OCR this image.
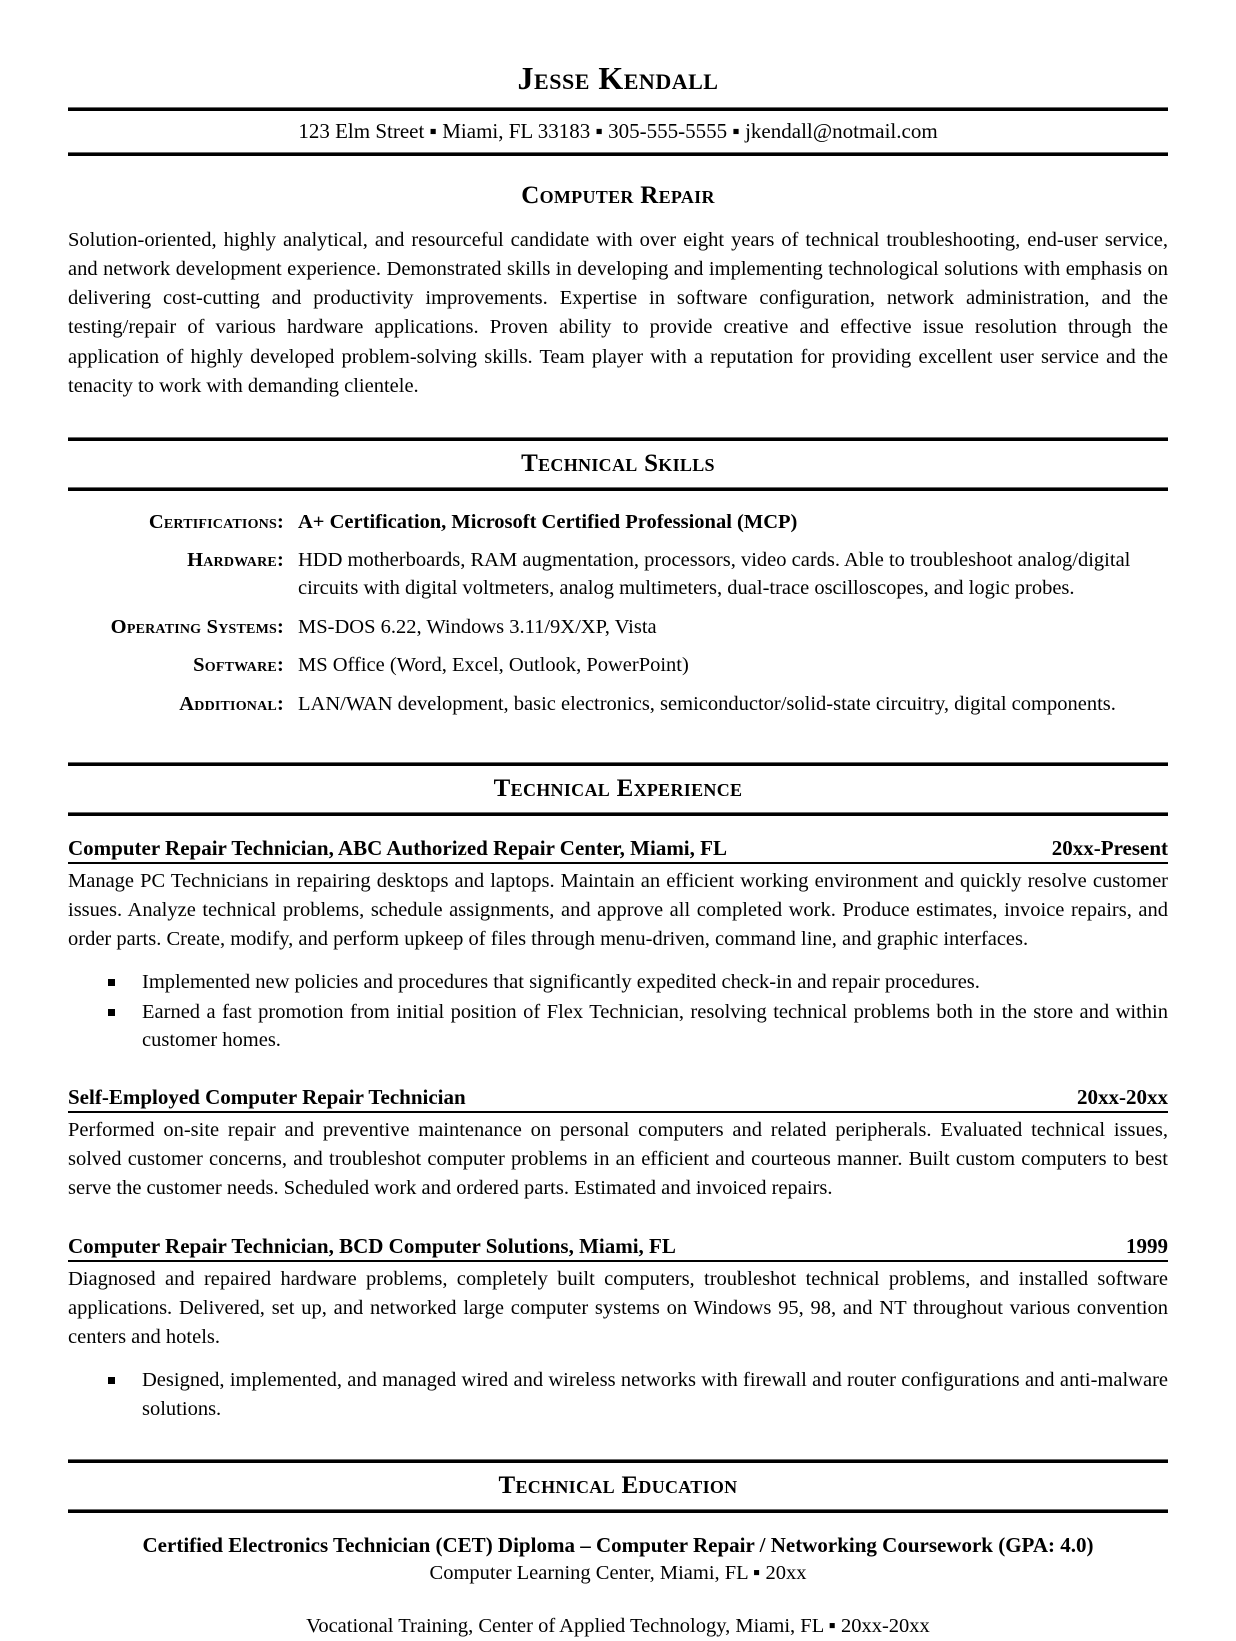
Jesse Kendall
123 Elm Street ▪ Miami, FL 33183 ▪ 305-555-5555 ▪ jkendall@notmail.com
Computer Repair

Solution-oriented, highly analytical, and resourceful candidate with over eight years of technical troubleshooting, end-user service, and network development experience. Demonstrated skills in developing and implementing technological solutions with emphasis on delivering cost-cutting and productivity improvements. Expertise in software configuration, network administration, and the testing/repair of various hardware applications. Proven ability to provide creative and effective issue resolution through the application of highly developed problem-solving skills. Team player with a reputation for providing excellent user service and the tenacity to work with demanding clientele.

Technical Skills
Certifications:	A+ Certification, Microsoft Certified Professional (MCP)
Hardware:	HDD motherboards, RAM augmentation, processors, video cards. Able to troubleshoot analog/digital circuits with digital voltmeters, analog multimeters, dual-trace oscilloscopes, and logic probes.
Operating Systems:	MS-DOS 6.22, Windows 3.11/9X/XP, Vista
Software:	MS Office (Word, Excel, Outlook, PowerPoint)
Additional:	LAN/WAN development, basic electronics, semiconductor/solid-state circuitry, digital components.
Technical Experience
Computer Repair Technician, ABC Authorized Repair Center, Miami, FL	20xx-Present

Manage PC Technicians in repairing desktops and laptops. Maintain an efficient working environment and quickly resolve customer issues. Analyze technical problems, schedule assignments, and approve all completed work. Produce estimates, invoice repairs, and order parts. Create, modify, and perform upkeep of files through menu-driven, command line, and graphic interfaces.

Implemented new policies and procedures that significantly expedited check-in and repair procedures.
Earned a fast promotion from initial position of Flex Technician, resolving technical problems both in the store and within customer homes.
Self-Employed Computer Repair Technician	20xx-20xx

Performed on-site repair and preventive maintenance on personal computers and related peripherals. Evaluated technical issues, solved customer concerns, and troubleshot computer problems in an efficient and courteous manner. Built custom computers to best serve the customer needs. Scheduled work and ordered parts. Estimated and invoiced repairs.

Computer Repair Technician, BCD Computer Solutions, Miami, FL	1999

Diagnosed and repaired hardware problems, completely built computers, troubleshot technical problems, and installed software applications. Delivered, set up, and networked large computer systems on Windows 95, 98, and NT throughout various convention centers and hotels.

Designed, implemented, and managed wired and wireless networks with firewall and router configurations and anti-malware solutions.
Technical Education
Certified Electronics Technician (CET) Diploma – Computer Repair / Networking Coursework (GPA: 4.0)
Computer Learning Center, Miami, FL ▪ 20xx
Vocational Training, Center of Applied Technology, Miami, FL ▪ 20xx-20xx
